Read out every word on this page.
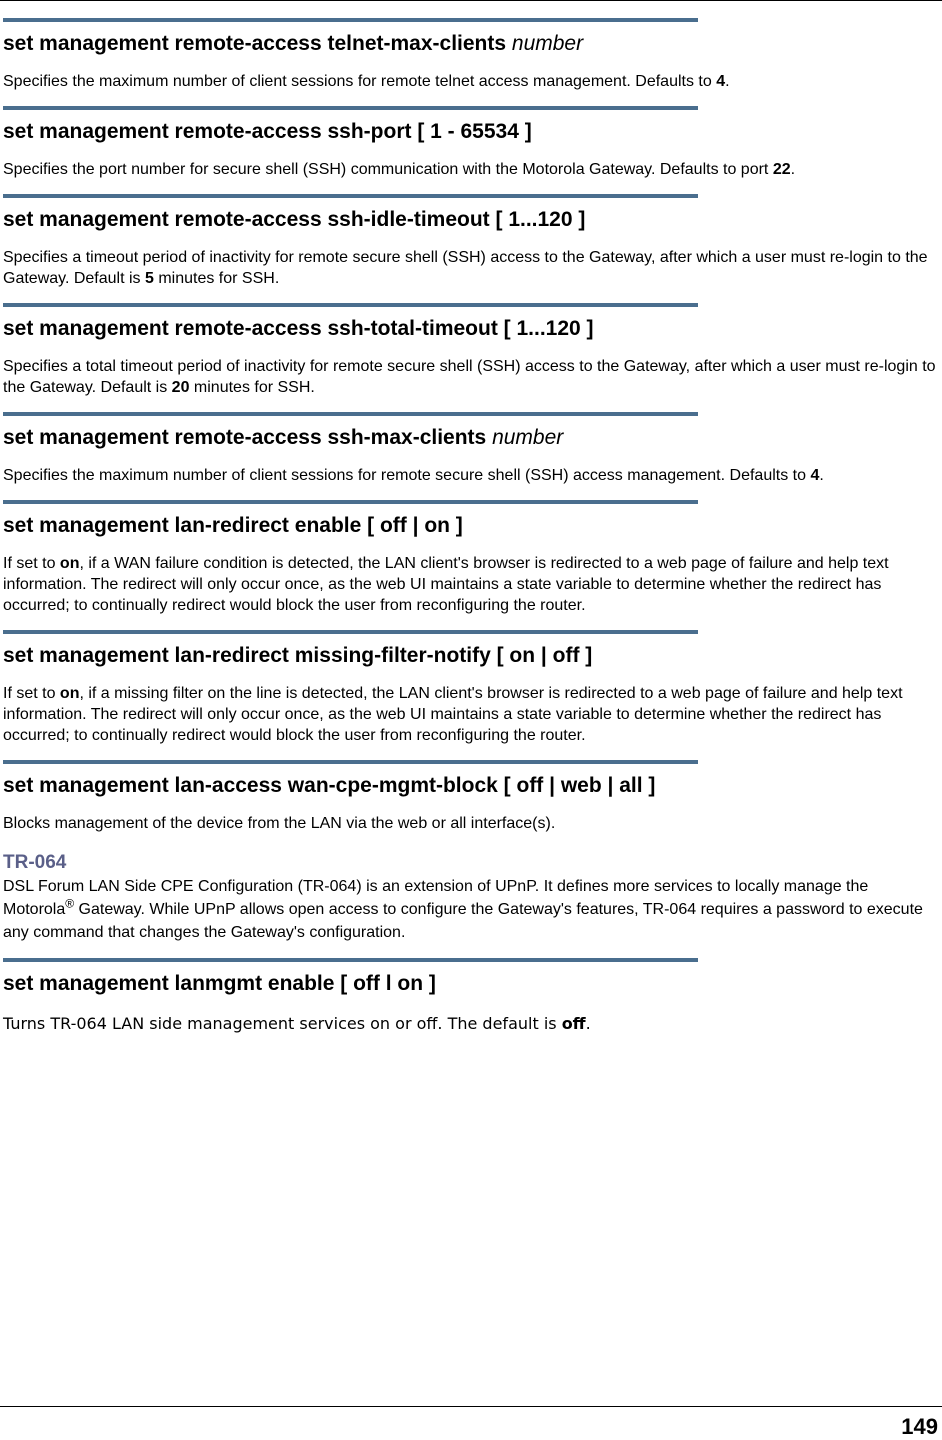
set management remote-access telnet-max-clients number

Specifies the maximum number of client sessions for remote telnet access management. Defaults to 4.

set management remote-access ssh-port [ 1 - 65534 ]

Specifies the port number for secure shell (SSH) communication with the Motorola Gateway. Defaults to port 22.

set management remote-access ssh-idle-timeout [ 1...120 ]

Specifies a timeout period of inactivity for remote secure shell (SSH) access to the Gateway, after which a user must re-login to the Gateway. Default is 5 minutes for SSH.

set management remote-access ssh-total-timeout [ 1...120 ]

Specifies a total timeout period of inactivity for remote secure shell (SSH) access to the Gateway, after which a user must re-login to the Gateway. Default is 20 minutes for SSH.

set management remote-access ssh-max-clients number

Specifies the maximum number of client sessions for remote secure shell (SSH) access management. Defaults to 4.

set management lan-redirect enable [ off | on ]

If set to on, if a WAN failure condition is detected, the LAN client's browser is redirected to a web page of failure and help text information. The redirect will only occur once, as the web UI maintains a state variable to determine whether the redirect has occurred; to continually redirect would block the user from reconfiguring the router.

set management lan-redirect missing-filter-notify [ on | off ]

If set to on, if a missing filter on the line is detected, the LAN client's browser is redirected to a web page of failure and help text information. The redirect will only occur once, as the web UI maintains a state variable to determine whether the redirect has occurred; to continually redirect would block the user from reconfiguring the router.

set management lan-access wan-cpe-mgmt-block [ off | web | all ]

Blocks management of the device from the LAN via the web or all interface(s).

TR-064

DSL Forum LAN Side CPE Configuration (TR-064) is an extension of UPnP. It defines more services to locally manage the Motorola® Gateway. While UPnP allows open access to configure the Gateway's features, TR-064 requires a password to execute any command that changes the Gateway's configuration.

set management lanmgmt enable [ off l on ]

Turns TR-064 LAN side management services on or off. The default is off.

149
